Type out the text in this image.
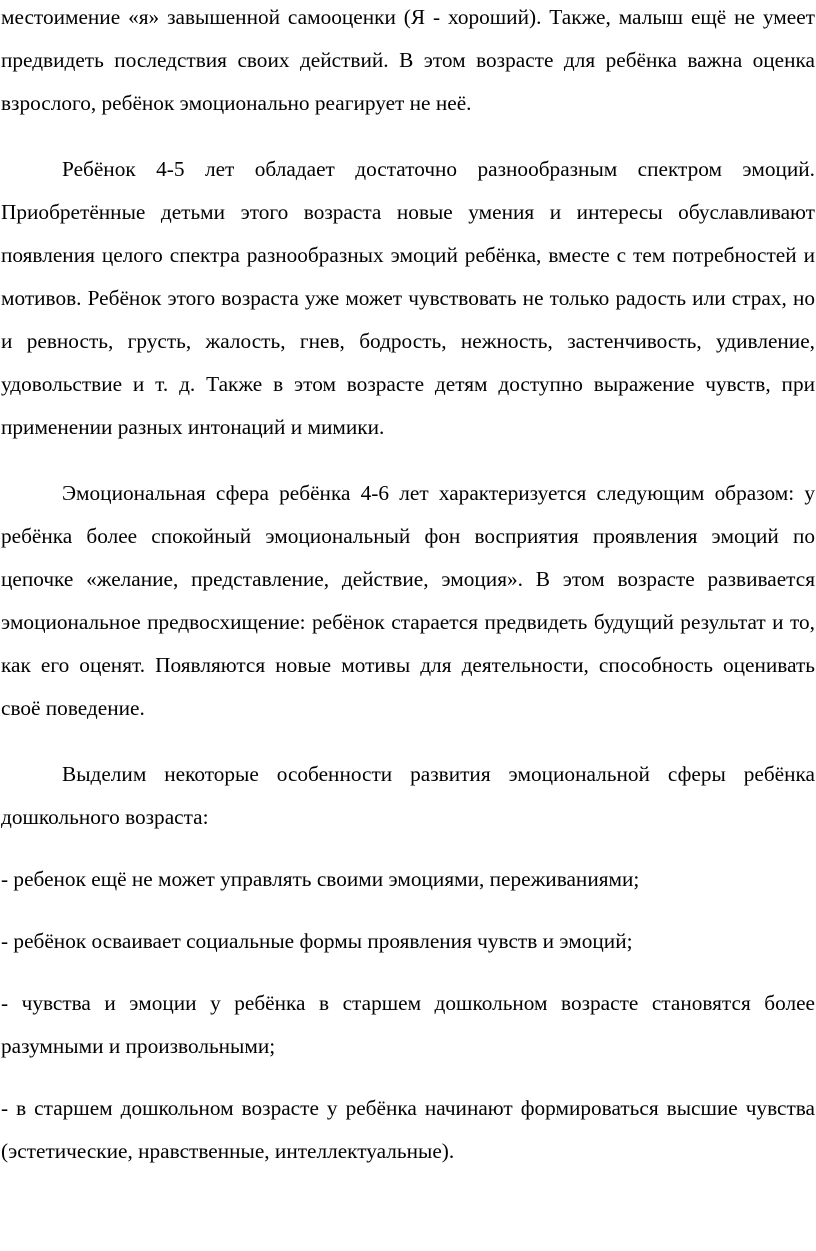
местоимение «я» завышенной самооценки (Я - хороший). Также, малыш ещё не умеет предвидеть последствия своих действий. В этом возрасте для ребёнка важна оценка взрослого, ребёнок эмоционально реагирует не неё.

Ребёнок 4-5 лет обладает достаточно разнообразным спектром эмоций. Приобретённые детьми этого возраста новые умения и интересы обуславливают появления целого спектра разнообразных эмоций ребёнка, вместе с тем потребностей и мотивов. Ребёнок этого возраста уже может чувствовать не только радость или страх, но и ревность, грусть, жалость, гнев, бодрость, нежность, застенчивость, удивление, удовольствие и т. д. Также в этом возрасте детям доступно выражение чувств, при применении разных интонаций и мимики.

Эмоциональная сфера ребёнка 4-6 лет характеризуется следующим образом: у ребёнка более спокойный эмоциональный фон восприятия проявления эмоций по цепочке «желание, представление, действие, эмоция». В этом возрасте развивается эмоциональное предвосхищение: ребёнок старается предвидеть будущий результат и то, как его оценят. Появляются новые мотивы для деятельности, способность оценивать своё поведение.

Выделим некоторые особенности развития эмоциональной сферы ребёнка дошкольного возраста:

- ребенок ещё не может управлять своими эмоциями, переживаниями;

- ребёнок осваивает социальные формы проявления чувств и эмоций;

- чувства и эмоции у ребёнка в старшем дошкольном возрасте становятся более разумными и произвольными;

- в старшем дошкольном возрасте у ребёнка начинают формироваться высшие чувства (эстетические, нравственные, интеллектуальные).
